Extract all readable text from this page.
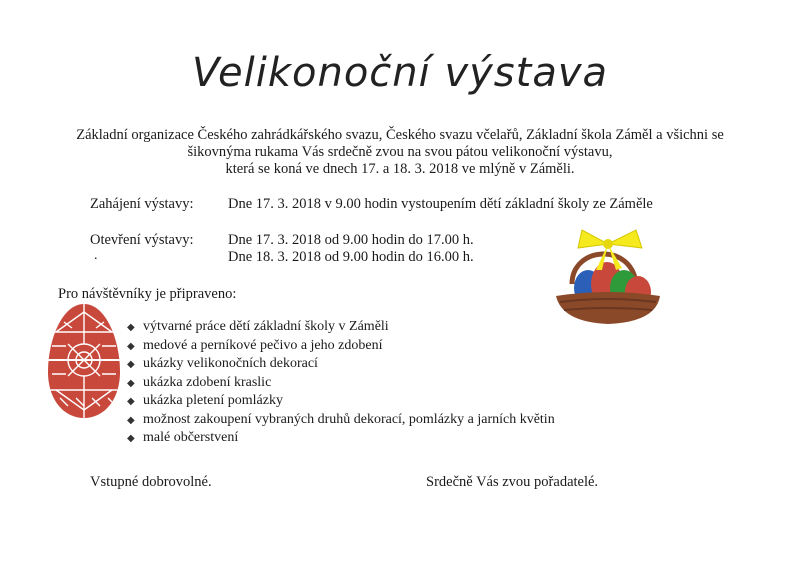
Velikonoční výstava
Základní organizace Českého zahrádkářského svazu, Českého svazu včelařů, Základní škola Záměl a všichni se
šikovnýma rukama Vás srdečně zvou na svou pátou velikonoční výstavu,
která se koná ve dnech 17. a 18. 3. 2018 ve mlýně v Záměli.
Zahájení výstavy: Dne 17. 3. 2018 v 9.00 hodin vystoupením dětí základní školy ze Záměle
Otevření výstavy: Dne 17. 3. 2018 od 9.00 hodin do 17.00 h.
Dne 18. 3. 2018 od 9.00 hodin do 16.00 h.
.
Pro návštěvníky je připraveno:
◆ výtvarné práce dětí základní školy v Záměli
◆ medové a perníkové pečivo a jeho zdobení
◆ ukázky velikonočních dekorací
◆ ukázka zdobení kraslic
◆ ukázka pletení pomlázky
◆ možnost zakoupení vybraných druhů dekorací, pomlázky a jarních květin
◆ malé občerstvení
Vstupné dobrovolné.	Srdečně Vás zvou pořadatelé.
